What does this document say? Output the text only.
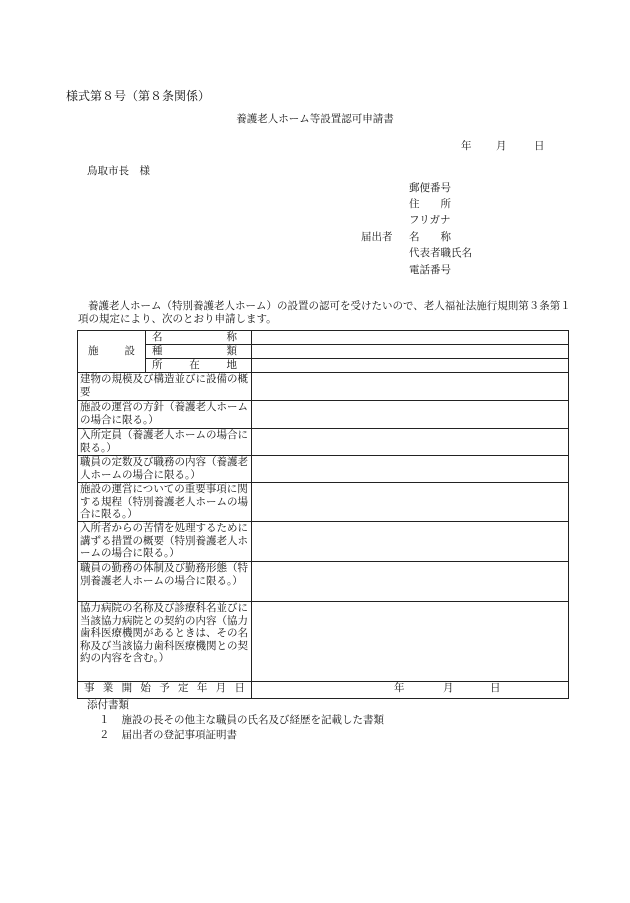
様式第８号（第８条関係）
養護老人ホーム等設置認可申請書
年 月	日
鳥取市長　様
郵便番号
住　　所
フリガナ
届出者 名　　称
代表者職氏名
電話番号
養護老人ホーム（特別養護老人ホーム）の設置の認可を受けたいので、老人福祉法施行規則第３条第１項の規定により、次のとおり申請します。
施設	名称	
	種類	
	所在地	
建物の規模及び構造並びに設備の概要		
施設の運営の方針（養護老人ホームの場合に限る。）		
入所定員（養護老人ホームの場合に限る。）		
職員の定数及び職務の内容（養護老人ホームの場合に限る。）		
施設の運営についての重要事項に関する規程（特別養護老人ホームの場合に限る。）		
入所者からの苦情を処理するために講ずる措置の概要（特別養護老人ホームの場合に限る。）		
職員の勤務の体制及び勤務形態（特別養護老人ホームの場合に限る。）		
協力病院の名称及び診療科名並びに当該協力病院との契約の内容（協力歯科医療機関があるときは、その名称及び当該協力歯科医療機関との契約の内容を含む。）		
事業開始予定年月日		年 月 日
添付書類
１ 施設の長その他主な職員の氏名及び経歴を記載した書類
２ 届出者の登記事項証明書
